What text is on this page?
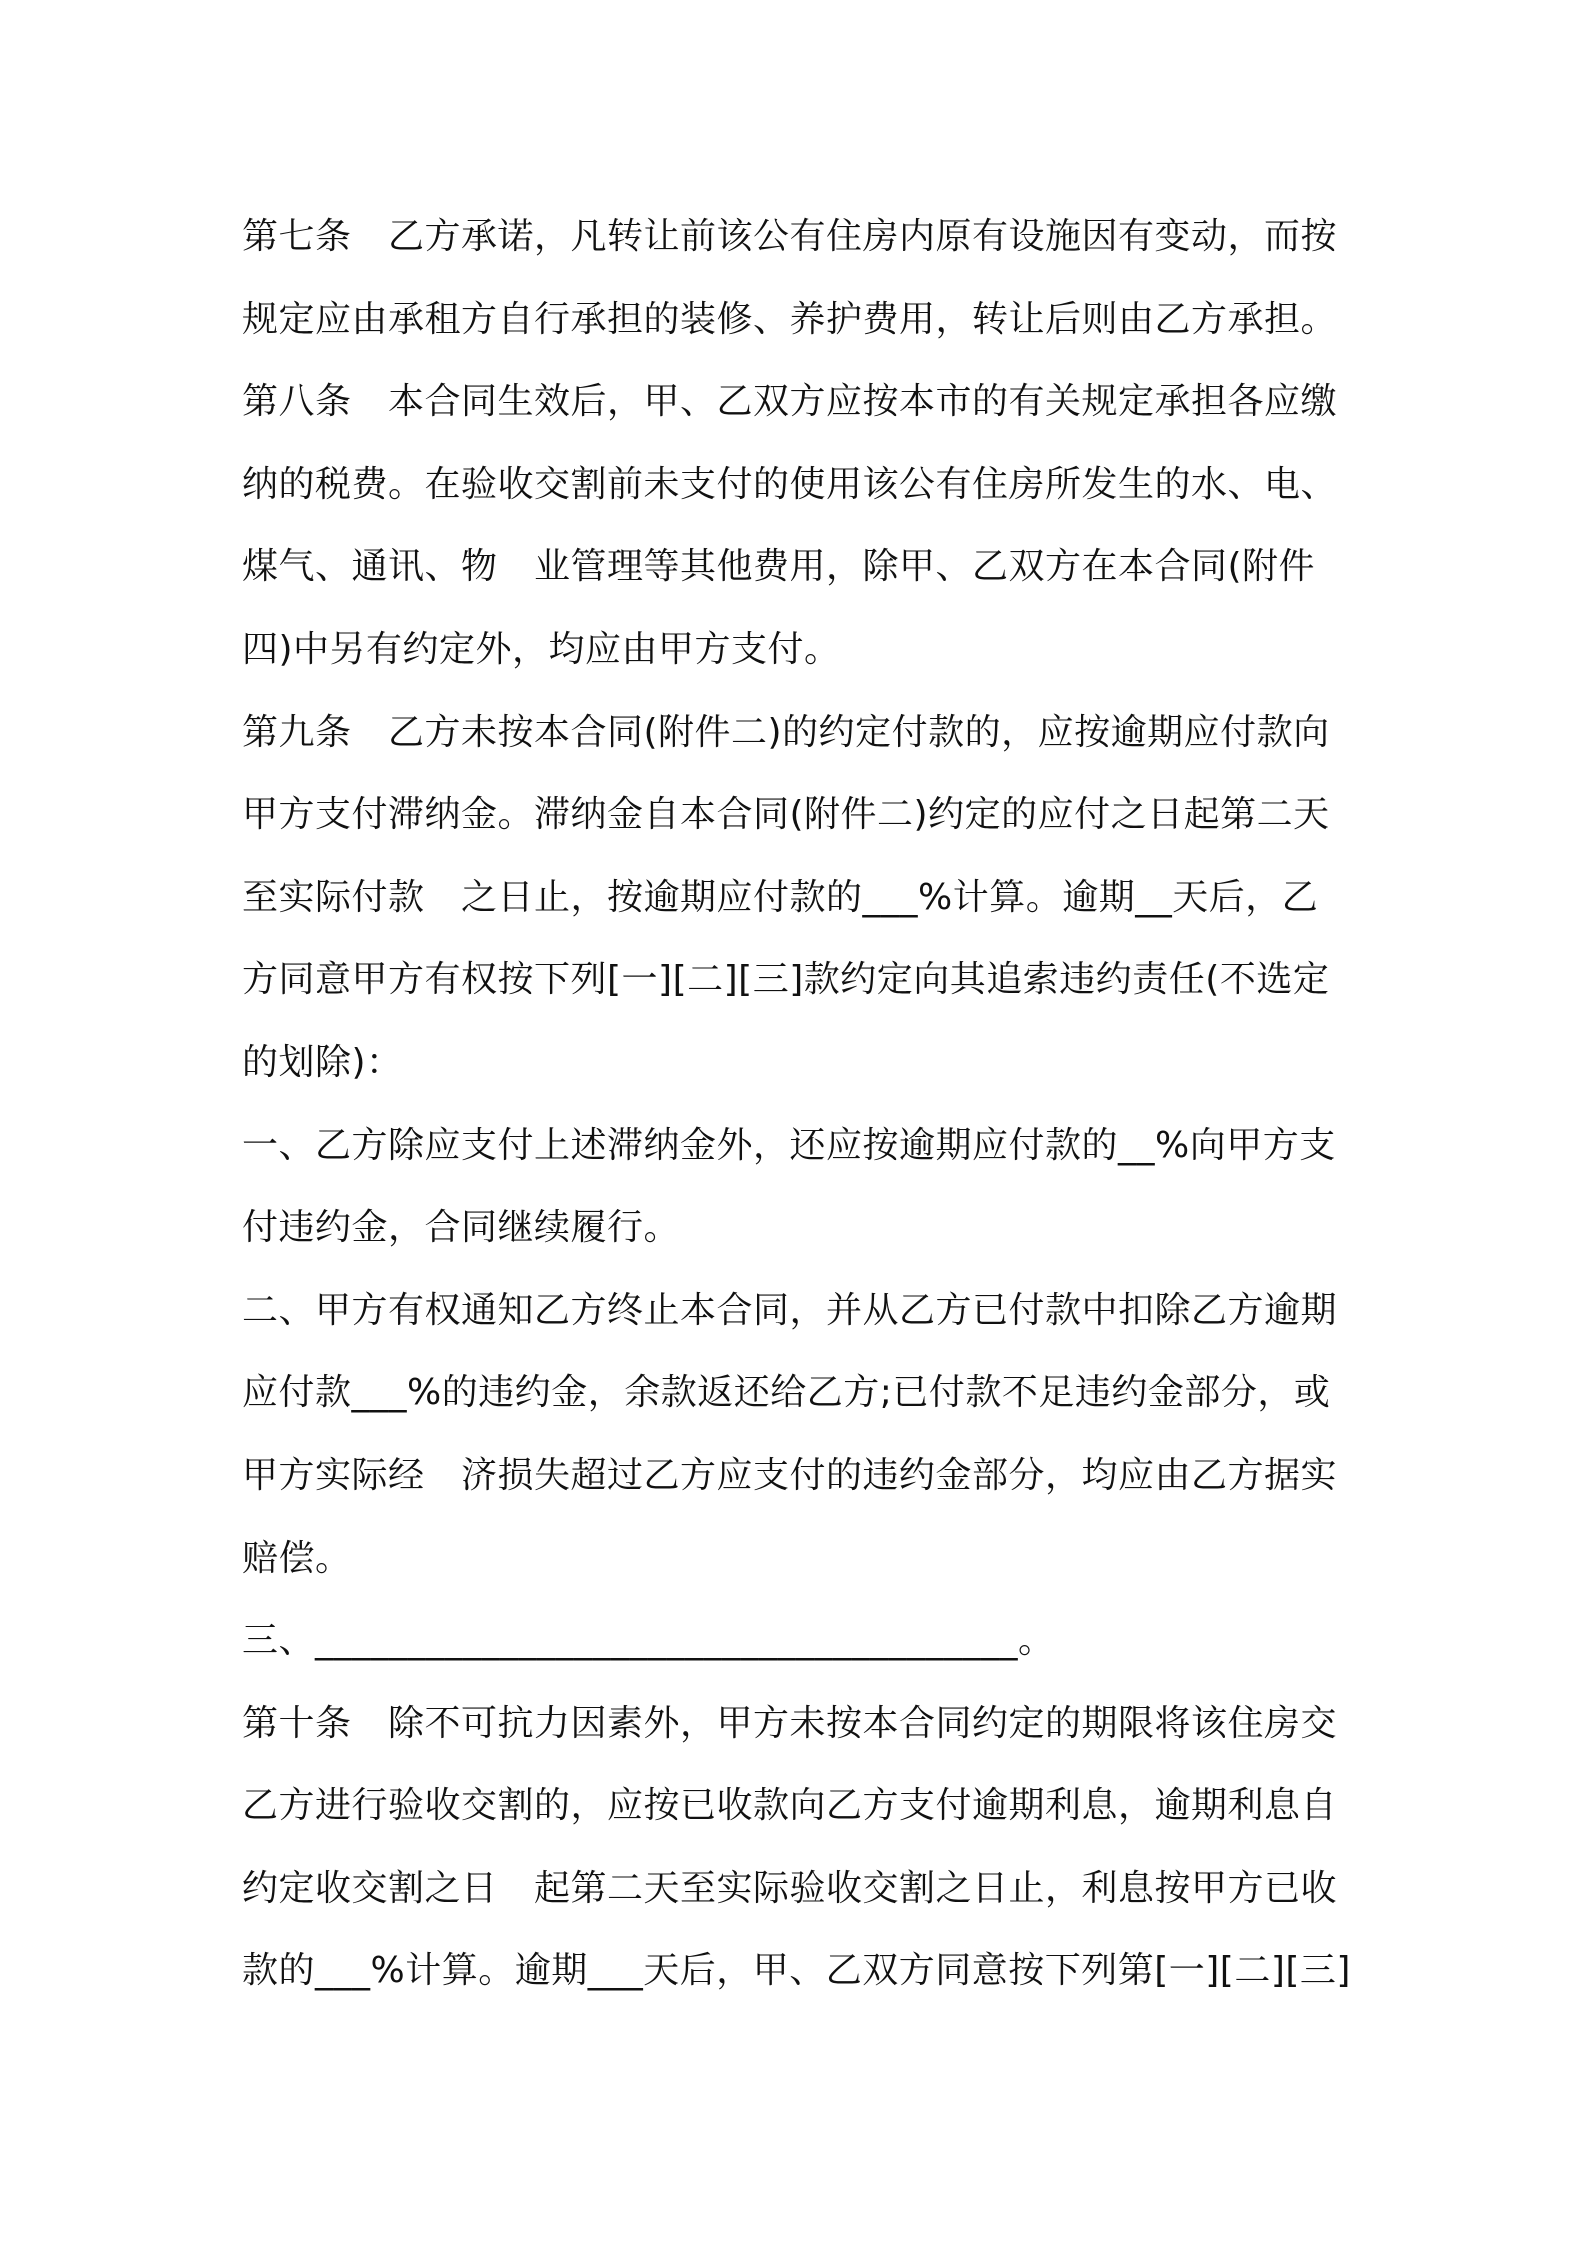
第七条　乙方承诺，凡转让前该公有住房内原有设施因有变动，而按

规定应由承租方自行承担的装修、养护费用，转让后则由乙方承担。

第八条　本合同生效后，甲、乙双方应按本市的有关规定承担各应缴

纳的税费。在验收交割前未支付的使用该公有住房所发生的水、电、

煤气、通讯、物　业管理等其他费用，除甲、乙双方在本合同(附件

四)中另有约定外，均应由甲方支付。

第九条　乙方未按本合同(附件二)的约定付款的，应按逾期应付款向

甲方支付滞纳金。滞纳金自本合同(附件二)约定的应付之日起第二天

至实际付款　之日止，按逾期应付款的___%计算。逾期__天后，乙

方同意甲方有权按下列[一][二][三]款约定向其追索违约责任(不选定

的划除)：

一、乙方除应支付上述滞纳金外，还应按逾期应付款的__%向甲方支

付违约金，合同继续履行。

二、甲方有权通知乙方终止本合同，并从乙方已付款中扣除乙方逾期

应付款___%的违约金，余款返还给乙方;已付款不足违约金部分，或

甲方实际经　济损失超过乙方应支付的违约金部分，均应由乙方据实

赔偿。

三、______________________________________。

第十条　除不可抗力因素外，甲方未按本合同约定的期限将该住房交

乙方进行验收交割的，应按已收款向乙方支付逾期利息，逾期利息自

约定收交割之日　起第二天至实际验收交割之日止，利息按甲方已收

款的___%计算。逾期___天后，甲、乙双方同意按下列第[一][二][三]
